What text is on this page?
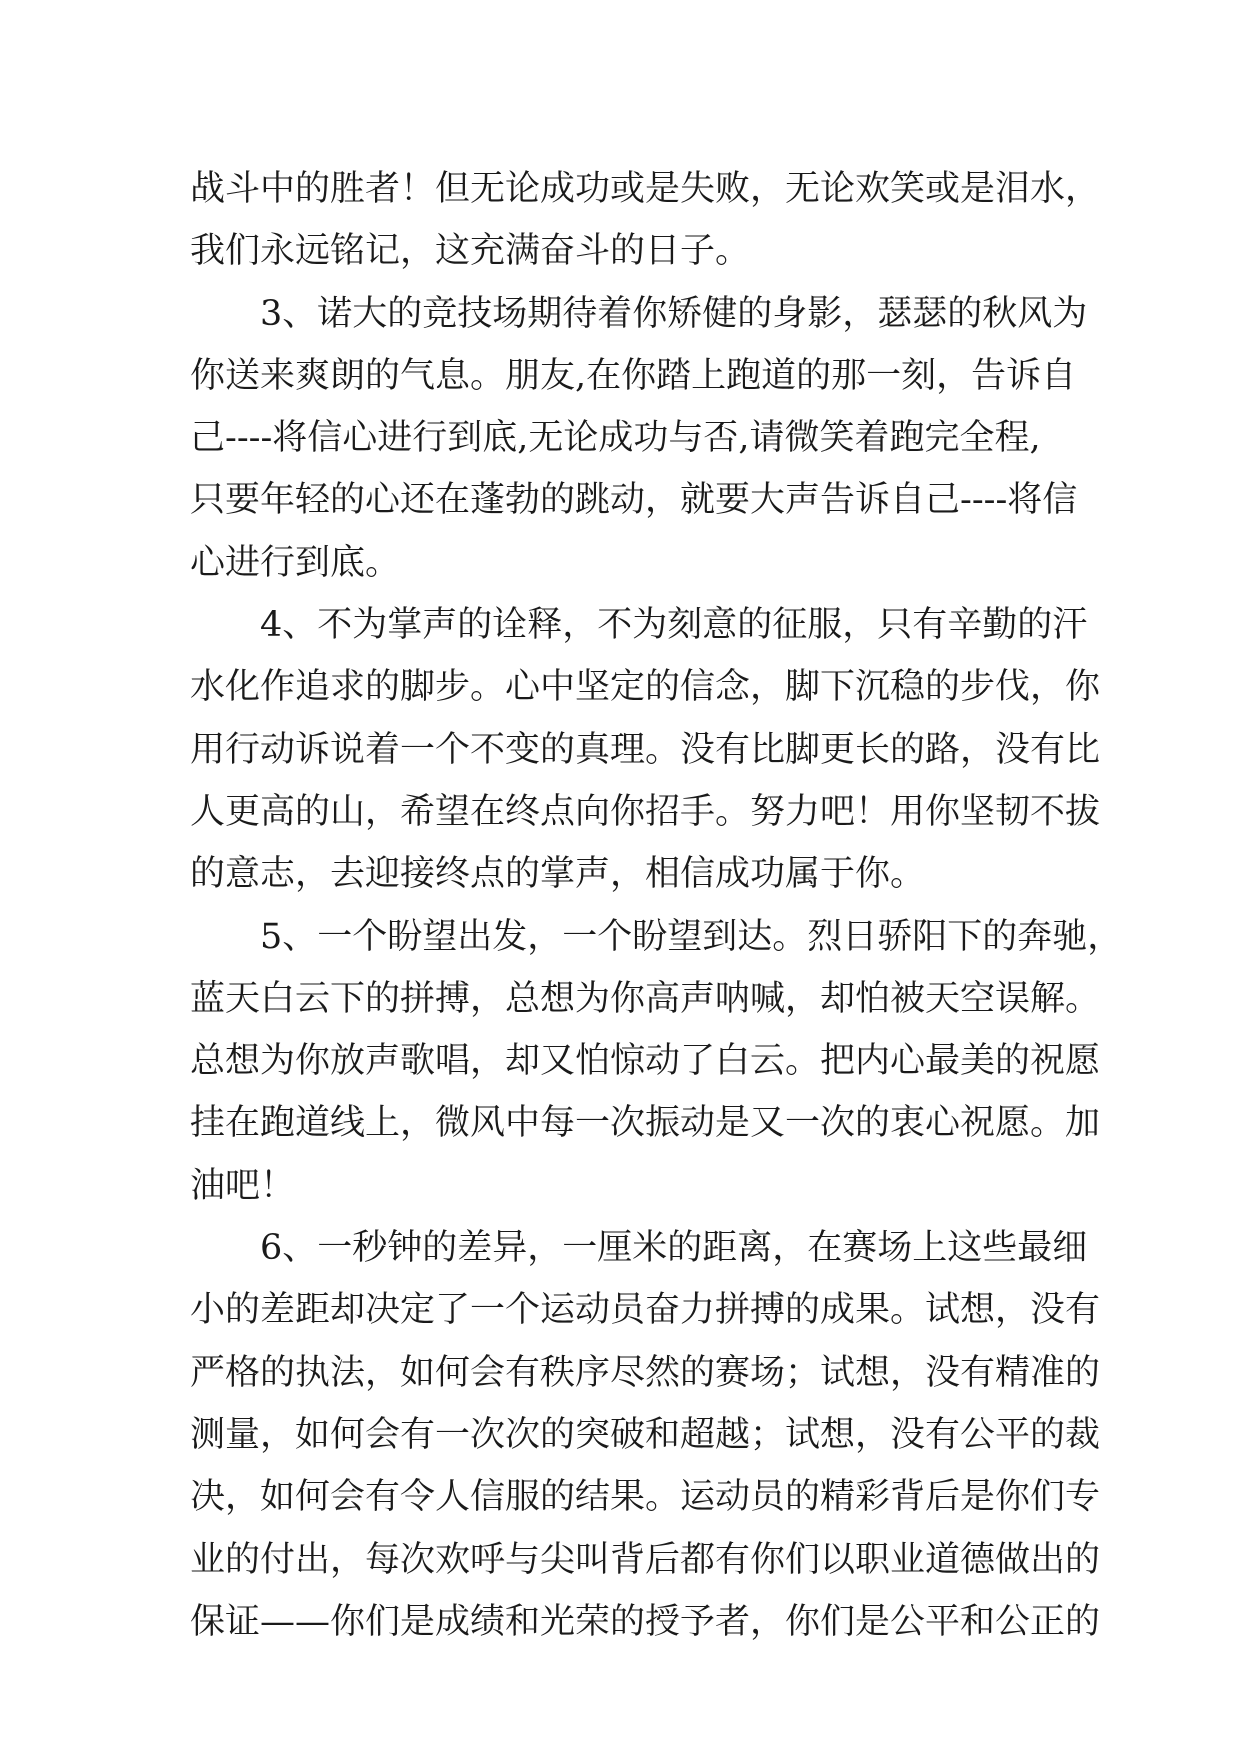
战斗中的胜者！但无论成功或是失败，无论欢笑或是泪水，
我们永远铭记，这充满奋斗的日子。
3、诺大的竞技场期待着你矫健的身影，瑟瑟的秋风为
你送来爽朗的气息。朋友,在你踏上跑道的那一刻，告诉自
己----将信心进行到底,无论成功与否,请微笑着跑完全程,
只要年轻的心还在蓬勃的跳动，就要大声告诉自己----将信
心进行到底。
4、不为掌声的诠释，不为刻意的征服，只有辛勤的汗
水化作追求的脚步。心中坚定的信念，脚下沉稳的步伐，你
用行动诉说着一个不变的真理。没有比脚更长的路，没有比
人更高的山，希望在终点向你招手。努力吧！用你坚韧不拔
的意志，去迎接终点的掌声，相信成功属于你。
5、一个盼望出发，一个盼望到达。烈日骄阳下的奔驰，
蓝天白云下的拼搏，总想为你高声呐喊，却怕被天空误解。
总想为你放声歌唱，却又怕惊动了白云。把内心最美的祝愿
挂在跑道线上，微风中每一次振动是又一次的衷心祝愿。加
油吧！
6、一秒钟的差异，一厘米的距离，在赛场上这些最细
小的差距却决定了一个运动员奋力拼搏的成果。试想，没有
严格的执法，如何会有秩序尽然的赛场；试想，没有精准的
测量，如何会有一次次的突破和超越；试想，没有公平的裁
决，如何会有令人信服的结果。运动员的精彩背后是你们专
业的付出，每次欢呼与尖叫背后都有你们以职业道德做出的
保证——你们是成绩和光荣的授予者，你们是公平和公正的
